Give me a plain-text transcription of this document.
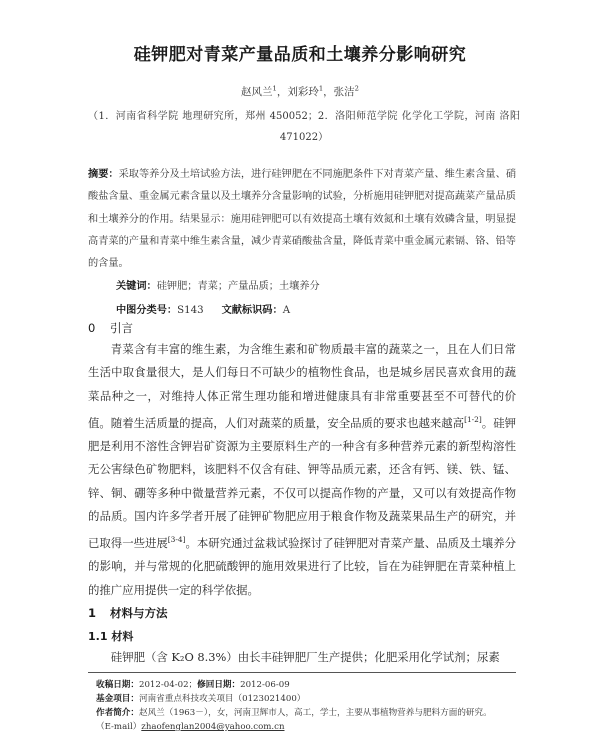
硅钾肥对青菜产量品质和土壤养分影响研究
赵风兰$^1$，刘彩玲$^1$，张洁$^2$
（1．河南省科学院 地理研究所，郑州 450052；2．洛阳师范学院 化学化工学院，河南 洛阳 471022）
摘要：采取等养分及土培试验方法，进行硅钾肥在不同施肥条件下对青菜产量、维生素含量、硝酸盐含量、重金属元素含量以及土壤养分含量影响的试验，分析施用硅钾肥对提高蔬菜产量品质和土壤养分的作用。结果显示：施用硅钾肥可以有效提高土壤有效氮和土壤有效磷含量，明显提高青菜的产量和青菜中维生素含量，减少青菜硝酸盐含量，降低青菜中重金属元素镉、铬、铅等的含量。
关键词：硅钾肥；青菜；产量品质；土壤养分
中图分类号：S143 文献标识码：A
0 引言
青菜含有丰富的维生素，为含维生素和矿物质最丰富的蔬菜之一，且在人们日常生活中取食量很大，是人们每日不可缺少的植物性食品，也是城乡居民喜欢食用的蔬菜品种之一，对维持人体正常生理功能和增进健康具有非常重要甚至不可替代的价值。随着生活质量的提高，人们对蔬菜的质量，安全品质的要求也越来越高[1-2]。硅钾肥是利用不溶性含钾岩矿资源为主要原料生产的一种含有多种营养元素的新型构溶性无公害绿色矿物肥料，该肥料不仅含有硅、钾等品质元素，还含有钙、镁、铁、锰、锌、铜、硼等多种中微量营养元素，不仅可以提高作物的产量，又可以有效提高作物的品质。国内许多学者开展了硅钾矿物肥应用于粮食作物及蔬菜果品生产的研究，并已取得一些进展[3-4]。本研究通过盆栽试验探讨了硅钾肥对青菜产量、品质及土壤养分的影响，并与常规的化肥硫酸钾的施用效果进行了比较，旨在为硅钾肥在青菜种植上的推广应用提供一定的科学依据。
1 材料与方法
1.1 材料
硅钾肥（含 K₂O 8.3%）由长丰硅钾肥厂生产提供；化肥采用化学试剂；尿素
收稿日期：2012-04-02；修回日期：2012-06-09
基金项目：河南省重点科技攻关项目（0123021400）
作者简介：赵风兰（1963－），女，河南卫辉市人，高工，学士，主要从事植物营养与肥料方面的研究。
（E-mail）zhaofenglan2004@yahoo.com.cn
